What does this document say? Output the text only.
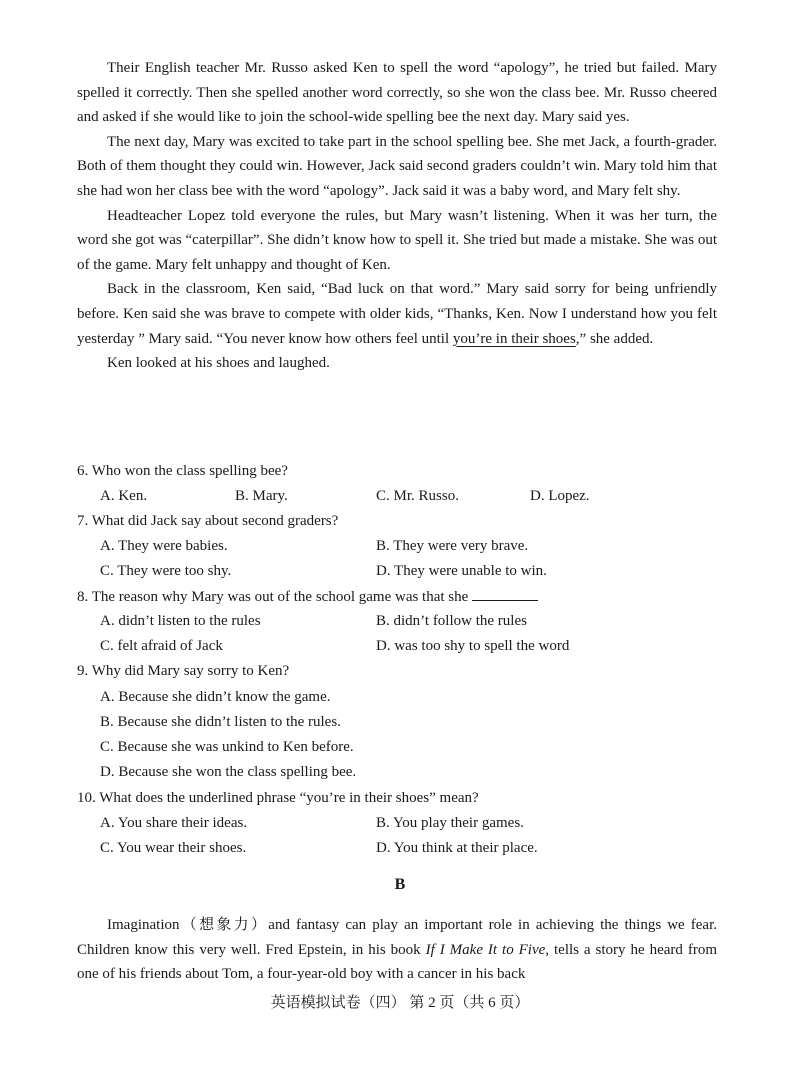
Their English teacher Mr. Russo asked Ken to spell the word “apology”, he tried but failed. Mary spelled it correctly. Then she spelled another word correctly, so she won the class bee. Mr. Russo cheered and asked if she would like to join the school-wide spelling bee the next day. Mary said yes.

The next day, Mary was excited to take part in the school spelling bee. She met Jack, a fourth-grader. Both of them thought they could win. However, Jack said second graders couldn’t win. Mary told him that she had won her class bee with the word “apology”. Jack said it was a baby word, and Mary felt shy.

Headteacher Lopez told everyone the rules, but Mary wasn’t listening. When it was her turn, the word she got was “caterpillar”. She didn’t know how to spell it. She tried but made a mistake. She was out of the game. Mary felt unhappy and thought of Ken.

Back in the classroom, Ken said, “Bad luck on that word.” Mary said sorry for being unfriendly before. Ken said she was brave to compete with older kids, “Thanks, Ken. Now I understand how you felt yesterday ” Mary said. “You never know how others feel until you’re in their shoes,” she added.

Ken looked at his shoes and laughed.

6. Who won the class spelling bee?
A. Ken.	B. Mary.	C. Mr. Russo.	D. Lopez.
7. What did Jack say about second graders?
A. They were babies.	B. They were very brave.
C. They were too shy.	D. They were unable to win.
8. The reason why Mary was out of the school game was that she
A. didn’t listen to the rules	B. didn’t follow the rules
C. felt afraid of Jack	D. was too shy to spell the word
9. Why did Mary say sorry to Ken?
A. Because she didn’t know the game.
B. Because she didn’t listen to the rules.
C. Because she was unkind to Ken before.
D. Because she won the class spelling bee.
10. What does the underlined phrase “you’re in their shoes” mean?
A. You share their ideas.	B. You play their games.
C. You wear their shoes.	D. You think at their place.
B

Imagination（想象力）and fantasy can play an important role in achieving the things we fear. Children know this very well. Fred Epstein, in his book If I Make It to Five, tells a story he heard from one of his friends about Tom, a four-year-old boy with a cancer in his back

英语模拟试卷（四） 第 2 页（共 6 页）
